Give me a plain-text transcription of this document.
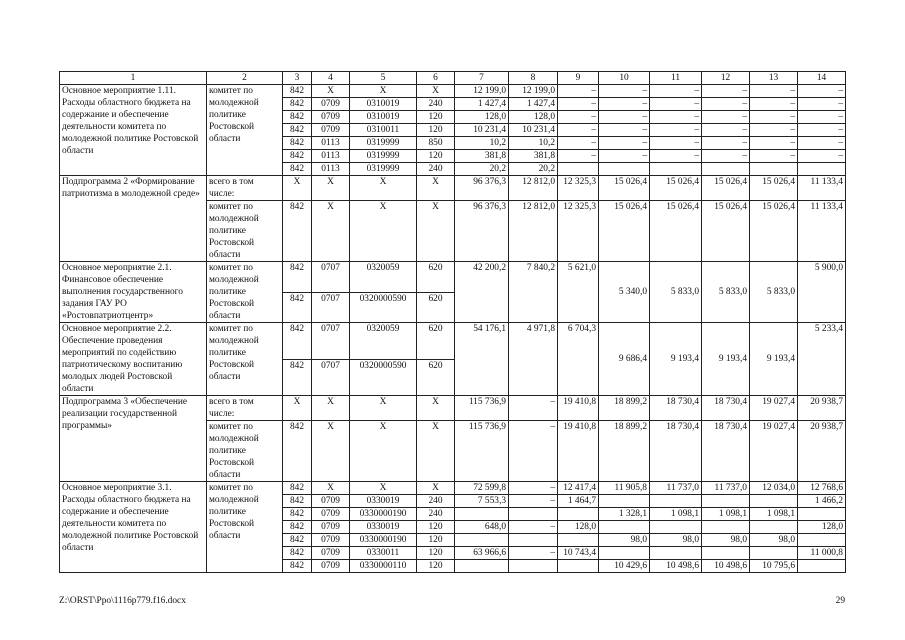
1	2	3	4	5	6	7	8	9	10	11	12	13	14
Основное мероприятие 1.11. Расходы областного бюджета на содержание и обеспечение деятельности комитета по молодежной политике Ростовской области	комитет по молодежной политике Ростовской области	842	X	X	X	12 199,0	12 199,0	–	–	–	–	–	–
		842	0709	0310019	240	1 427,4	1 427,4	–	–	–	–	–	–
		842	0709	0310019	120	128,0	128,0	–	–	–	–	–	–
		842	0709	0310011	120	10 231,4	10 231,4	–	–	–	–	–	–
		842	0113	0319999	850	10,2	10,2	–	–	–	–	–	–
		842	0113	0319999	120	381,8	381,8	–	–	–	–	–	–
		842	0113	0319999	240	20,2	20,2						
Подпрограмма 2 «Формирование патриотизма в молодежной среде»	всего в том числе:	X	X	X	X	96 376,3	12 812,0	12 325,3	15 026,4	15 026,4	15 026,4	15 026,4	11 133,4
	комитет по молодежной политике Ростовской области	842	X	X	X	96 376,3	12 812,0	12 325,3	15 026,4	15 026,4	15 026,4	15 026,4	11 133,4
Основное мероприятие 2.1. Финансовое обеспечение выполнения государственного задания ГАУ РО «Ростовпатриотцентр»	комитет по молодежной политике Ростовской области	842	0707	0320059	620	42 200,2	7 840,2	5 621,0	5 340,0	5 833,0	5 833,0	5 833,0	5 900,0
		842	0707	0320000590	620								
Основное мероприятие 2.2. Обеспечение проведения мероприятий по содействию патриотическому воспитанию молодых людей Ростовской области	комитет по молодежной политике Ростовской области	842	0707	0320059	620	54 176,1	4 971,8	6 704,3	9 686,4	9 193,4	9 193,4	9 193,4	5 233,4
		842	0707	0320000590	620								
Подпрограмма 3 «Обеспечение реализации государственной программы»	всего в том числе:	X	X	X	X	115 736,9	–	19 410,8	18 899,2	18 730,4	18 730,4	19 027,4	20 938,7
	комитет по молодежной политике Ростовской области	842	X	X	X	115 736,9	–	19 410,8	18 899,2	18 730,4	18 730,4	19 027,4	20 938,7
Основное мероприятие 3.1. Расходы областного бюджета на содержание и обеспечение деятельности комитета по молодежной политике Ростовской области	комитет по молодежной политике Ростовской области	842	X	X	X	72 599,8	–	12 417,4	11 905,8	11 737,0	11 737,0	12 034,0	12 768,6
		842	0709	0330019	240	7 553,3	–	1 464,7					1 466,2
		842	0709	0330000190	240				1 328,1	1 098,1	1 098,1	1 098,1	
		842	0709	0330019	120	648,0	–	128,0					128,0
		842	0709	0330000190	120				98,0	98,0	98,0	98,0	
		842	0709	0330011	120	63 966,6	–	10 743,4					11 000,8
		842	0709	0330000110	120				10 429,6	10 498,6	10 498,6	10 795,6	
Z:\ORST\Ppo\1116p779.f16.docx	29
